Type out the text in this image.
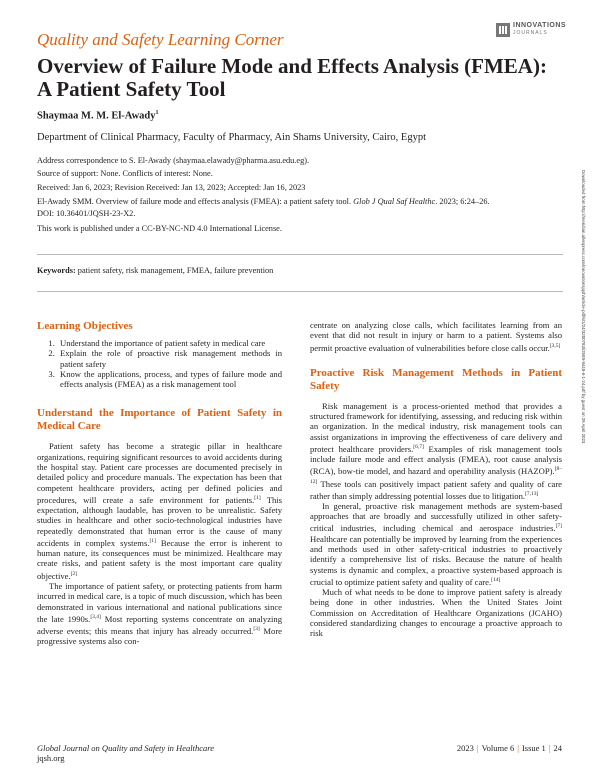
INNOVATIONS
JOURNALS
Quality and Safety Learning Corner
Overview of Failure Mode and Effects Analysis (FMEA): A Patient Safety Tool
Shaymaa M. M. El-Awady$^1$
Department of Clinical Pharmacy, Faculty of Pharmacy, Ain Shams University, Cairo, Egypt
Address correspondence to S. El-Awady (shaymaa.elawady@pharma.asu.edu.eg).
Source of support: None. Conflicts of interest: None.
Received: Jan 6, 2023; Revision Received: Jan 13, 2023; Accepted: Jan 16, 2023
El-Awady SMM. Overview of failure mode and effects analysis (FMEA): a patient safety tool. Glob J Qual Saf Healthc. 2023; 6:24–26.
DOI: 10.36401/JQSH-23-X2.
This work is published under a CC-BY-NC-ND 4.0 International License.	Downloaded from http://meridian.allenpress.com/innovationsjqsh/article-pdf/6/1/24/3200783/i2589-9449-6-1-24.pdf by guest on 28 April 2023
Keywords: patient safety, risk management, FMEA, failure prevention
Learning Objectives
1. Understand the importance of patient safety in medical care
2. Explain the role of proactive risk management methods in patient safety
3. Know the applications, process, and types of failure mode and effects analysis (FMEA) as a risk management tool
Understand the Importance of Patient Safety in Medical Care

Patient safety has become a strategic pillar in healthcare organizations, requiring significant resources to avoid accidents during the hospital stay. Patient care processes are documented precisely in detailed policy and procedure manuals. The expectation has been that competent healthcare providers, acting per defined policies and procedures, will create a safe environment for patients.[1] This expectation, although laudable, has proven to be unrealistic. Safety studies in healthcare and other socio-technological industries have repeatedly demonstrated that human error is the cause of many accidents in complex systems.[1] Because the error is inherent to human nature, its consequences must be minimized. Healthcare may create risks, and patient safety is the most important care quality objective.[2]

The importance of patient safety, or protecting patients from harm incurred in medical care, is a topic of much discussion, which has been demonstrated in various international and national publications since the late 1990s.[3,4] Most reporting systems concentrate on analyzing adverse events; this means that injury has already occurred.[3] More progressive systems also con-

centrate on analyzing close calls, which facilitates learning from an event that did not result in injury or harm to a patient. Systems also permit proactive evaluation of vulnerabilities before close calls occur.[3,5]

Proactive Risk Management Methods in Patient Safety

Risk management is a process-oriented method that provides a structured framework for identifying, assessing, and reducing risk within an organization. In the medical industry, risk management tools can assist organizations in improving the effectiveness of care delivery and protect healthcare providers.[6,7] Examples of risk management tools include failure mode and effect analysis (FMEA), root cause analysis (RCA), bow-tie model, and hazard and operability analysis (HAZOP).[8–12] These tools can positively impact patient safety and quality of care rather than simply addressing potential losses due to litigation.[7,13]

In general, proactive risk management methods are system-based approaches that are broadly and successfully utilized in other safety-critical industries, including chemical and aerospace industries.[7] Healthcare can potentially be improved by learning from the experiences and methods used in other safety-critical industries to proactively identify a comprehensive list of risks. Because the nature of health systems is dynamic and complex, a proactive system-based approach is crucial to optimize patient safety and quality of care.[14]

Much of what needs to be done to improve patient safety is already being done in other industries. When the United States Joint Commission on Accreditation of Healthcare Organizations (JCAHO) considered standardizing changes to encourage a proactive approach to risk

Global Journal on Quality and Safety in Healthcare
jqsh.org
2023 | Volume 6 | Issue 1 | 24
